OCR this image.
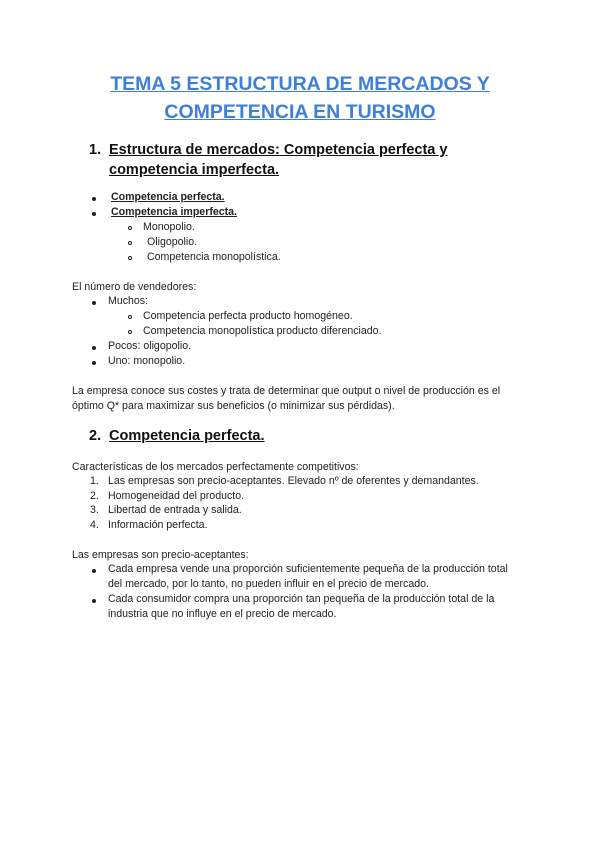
TEMA 5 ESTRUCTURA DE MERCADOS Y
COMPETENCIA EN TURISMO
1. Estructura de mercados: Competencia perfecta y
competencia imperfecta.
Competencia perfecta.
Competencia imperfecta.
Monopolio.
Oligopolio.
Competencia monopolística.
El número de vendedores:
Muchos:
Competencia perfecta producto homogéneo.
Competencia monopolística producto diferenciado.
Pocos: oligopolio.
Uno: monopolio.
La empresa conoce sus costes y trata de determinar que output o nivel de producción es el
óptimo Q* para maximizar sus beneficios (o minimizar sus pérdidas).
2. Competencia perfecta.
Características de los mercados perfectamente competitivos:
1. Las empresas son precio-aceptantes. Elevado nº de oferentes y demandantes.
2. Homogeneidad del producto.
3. Libertad de entrada y salida.
4. Información perfecta.
Las empresas son precio-aceptantes:
Cada empresa vende una proporción suficientemente pequeña de la producción total
del mercado, por lo tanto, no pueden influir en el precio de mercado.
Cada consumidor compra una proporción tan pequeña de la producción total de la
industria que no influye en el precio de mercado.
